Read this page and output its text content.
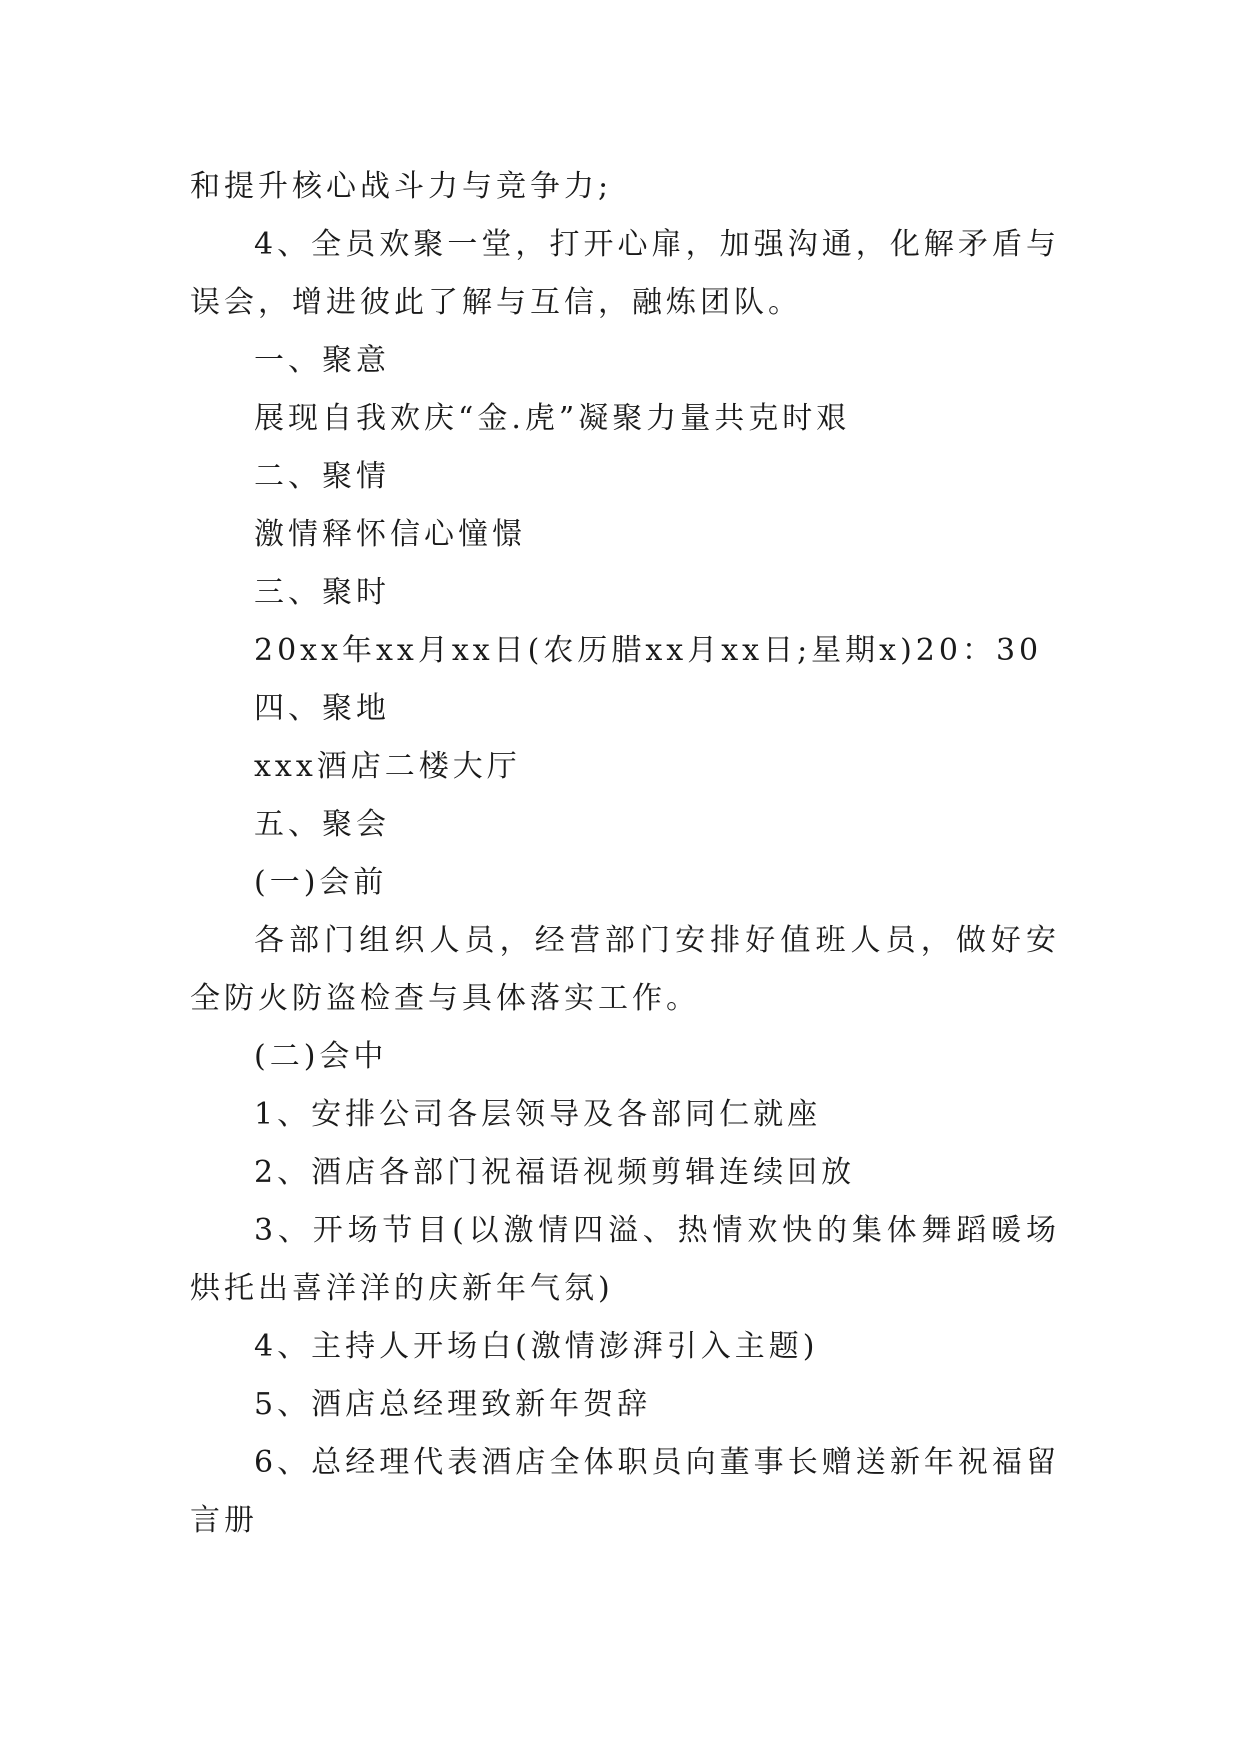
和提升核心战斗力与竞争力;

4、全员欢聚一堂，打开心扉，加强沟通，化解矛盾与误会，增进彼此了解与互信，融炼团队。

一、聚意

展现自我欢庆“金.虎”凝聚力量共克时艰

二、聚情

激情释怀信心憧憬

三、聚时

20xx年xx月xx日(农历腊xx月xx日;星期x)20：30

四、聚地

xxx酒店二楼大厅

五、聚会

(一)会前

各部门组织人员，经营部门安排好值班人员，做好安全防火防盗检查与具体落实工作。

(二)会中

1、安排公司各层领导及各部同仁就座

2、酒店各部门祝福语视频剪辑连续回放

3、开场节目(以激情四溢、热情欢快的集体舞蹈暖场烘托出喜洋洋的庆新年气氛)

4、主持人开场白(激情澎湃引入主题)

5、酒店总经理致新年贺辞

6、总经理代表酒店全体职员向董事长赠送新年祝福留言册
